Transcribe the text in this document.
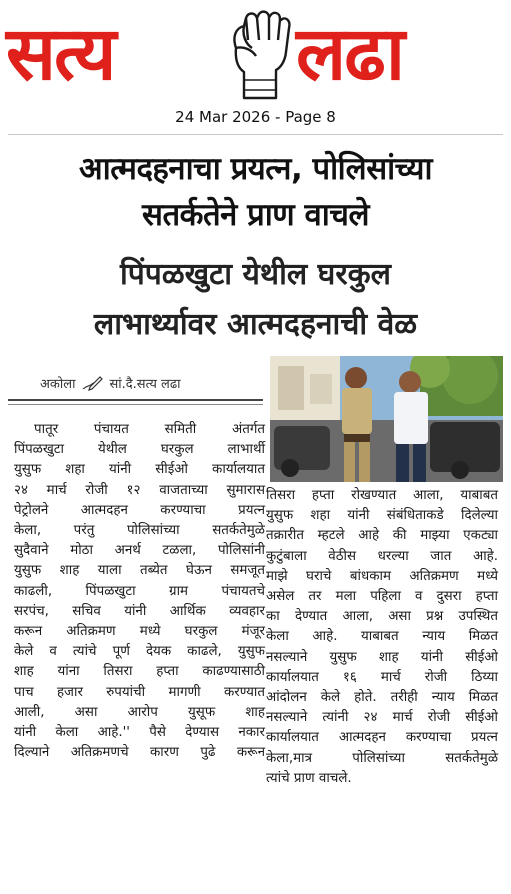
सत्य लढा
24 Mar 2026 - Page 8
आत्मदहनाचा प्रयत्न, पोलिसांच्या
सतर्कतेने प्राण वाचले
पिंपळखुटा येथील घरकुल
लाभार्थ्यावर आत्मदहनाची वेळ
अकोला	सां.दै.सत्य लढा
पातूर पंचायत समिती अंतर्गत
पिंपळखुटा येथील घरकुल लाभार्थी
युसुफ शहा यांनी सीईओ कार्यालयात
२४ मार्च रोजी १२ वाजताच्या सुमारास
पेट्रोलने आत्मदहन करण्याचा प्रयत्न
केला, परंतु पोलिसांच्या सतर्कतेमुळे
सुदैवाने मोठा अनर्थ टळला, पोलिसांनी
युसुफ शाह याला तब्येत घेऊन समजूत
काढली, पिंपळखुटा ग्राम पंचायतचे
सरपंच, सचिव यांनी आर्थिक व्यवहार
करून अतिक्रमण मध्ये घरकुल मंजूर
केले व त्यांचे पूर्ण देयक काढले, युसुफ
शाह यांना तिसरा हप्ता काढण्यासाठी
पाच हजार रुपयांची मागणी करण्यात
आली, असा आरोप युसूफ शाह
यांनी केला आहे.'' पैसे देण्यास नकार
दिल्याने अतिक्रमणचे कारण पुढे करून
तिसरा हप्ता रोखण्यात आला, याबाबत
युसुफ शहा यांनी संबंधिताकडे दिलेल्या
तक्रारीत म्हटले आहे की माझ्या एकट्या
कुटुंबाला वेठीस धरल्या जात आहे.
माझे घराचे बांधकाम अतिक्रमण मध्ये
असेल तर मला पहिला व दुसरा हप्ता
का देण्यात आला, असा प्रश्न उपस्थित
केला आहे. याबाबत न्याय मिळत
नसल्याने युसुफ शाह यांनी सीईओ
कार्यालयात १६ मार्च रोजी ठिय्या
आंदोलन केले होते. तरीही न्याय मिळत
नसल्याने त्यांनी २४ मार्च रोजी सीईओ
कार्यालयात आत्मदहन करण्याचा प्रयत्न
केला,मात्र पोलिसांच्या सतर्कतेमुळे
त्यांचे प्राण वाचले.
